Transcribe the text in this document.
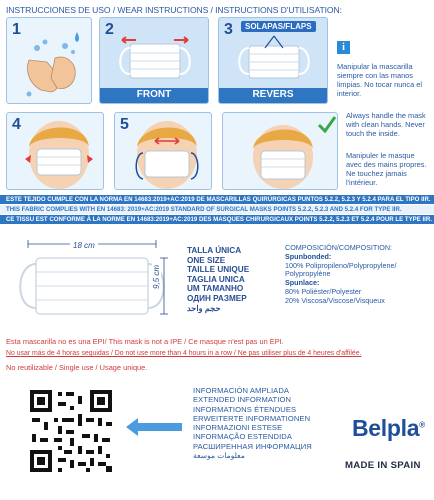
INSTRUCCIONES DE USO / WEAR INSTRUCTIONS / INSTRUCTIONS D'UTILISATION:
1	2
FRONT
3	SOLAPAS/FLAPS
REVERS
i
Manipular la mascarilla siempre con las manos limpias. No tocar nunca el interior.
Always handle the mask with clean hands. Never touch the inside.
Manipuler le masque avec des mains propres. Ne touchez jamais l'intérieur.
4	5
ESTE TEJIDO CUMPLE CON LA NORMA EN 14683:2019+AC:2019 DE MASCARILLAS QUIRÚRGICAS PUNTOS 5.2.2, 5.2.3 Y 5.2.4 PARA EL TIPO IIR.
THIS FABRIC COMPLIES WITH EN 14683: 2019+AC:2019 STANDARD OF SURGICAL MASKS POINTS 5.2.2, 5.2.3 AND 5.2.4 FOR TYPE IIR.
CE TISSU EST CONFORME À LA NORME EN 14683:2019+AC:2019 DES MASQUES CHIRURGICAUX POINTS 5.2.2, 5.2.3 ET 5.2.4 POUR LE TYPE IIR.
18 cm
9,5 cm
TALLA ÚNICA
ONE SIZE
TAILLE UNIQUE
TAGLIA UNICA
UM TAMANHO
ОДИН РАЗМЕР
حجم واحد
COMPOSICIÓN/COMPOSITION:
Spunbonded:
100% Polipropileno/Polypropylene/ Polypropylène
Spunlace:
80% Poliéster/Polyester
20% Viscosa/Viscose/Visqueux
Esta mascarilla no es una EPI/ This mask is not a IPE / Ce masque n'est pas un EPI.
No usar más de 4 horas seguidas / Do not use more than 4 hours in a row / Ne pas utiliser plus de 4 heures d'affilée.
No reutilizable / Single use / Usage unique.
INFORMACIÓN AMPLIADA
EXTENDED INFORMATION
INFORMATIONS ÉTENDUES
ERWEITERTE INFORMATIONEN
INFORMAZIONI ESTESE
INFORMAÇÃO ESTENDIDA
РАСШИРЕННАЯ ИНФОРМАЦИЯ
معلومات موسعة
Belpla®
MADE IN SPAIN
